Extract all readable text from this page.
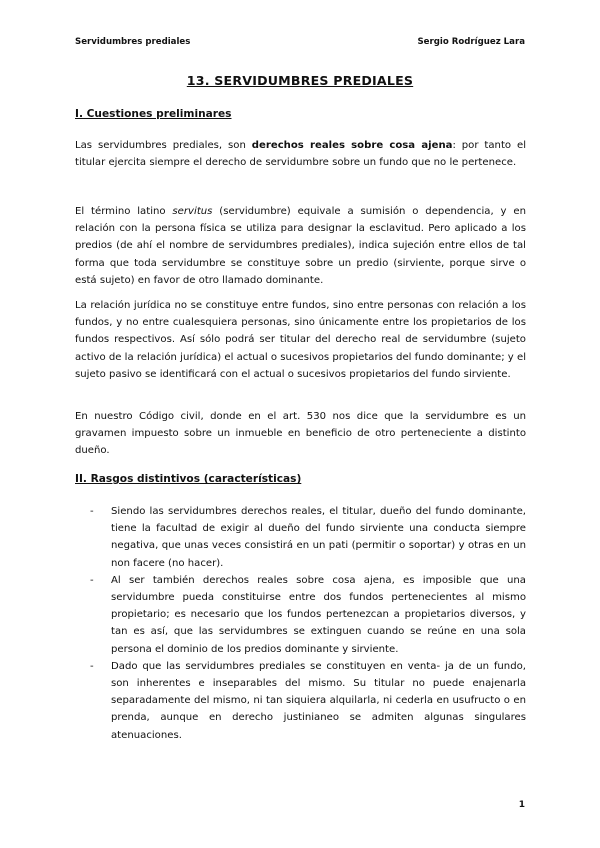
Servidumbres prediales	Sergio Rodríguez Lara
13. SERVIDUMBRES PREDIALES
I. Cuestiones preliminares

Las servidumbres prediales, son derechos reales sobre cosa ajena: por tanto el titular ejercita siempre el derecho de servidumbre sobre un fundo que no le pertenece.

El término latino servitus (servidumbre) equivale a sumisión o dependencia, y en relación con la persona física se utiliza para designar la esclavitud. Pero aplicado a los predios (de ahí el nombre de servidumbres prediales), indica sujeción entre ellos de tal forma que toda servidumbre se constituye sobre un predio (sirviente, porque sirve o está sujeto) en favor de otro llamado dominante.

La relación jurídica no se constituye entre fundos, sino entre personas con relación a los fundos, y no entre cualesquiera personas, sino únicamente entre los propietarios de los fundos respectivos. Así sólo podrá ser titular del derecho real de servidumbre (sujeto activo de la relación jurídica) el actual o sucesivos propietarios del fundo dominante; y el sujeto pasivo se identificará con el actual o sucesivos propietarios del fundo sirviente.

En nuestro Código civil, donde en el art. 530 nos dice que la servidumbre es un gravamen impuesto sobre un inmueble en beneficio de otro perteneciente a distinto dueño.

II. Rasgos distintivos (características)
- Siendo las servidumbres derechos reales, el titular, dueño del fundo dominante, tiene la facultad de exigir al dueño del fundo sirviente una conducta siempre negativa, que unas veces consistirá en un pati (permitir o soportar) y otras en un non facere (no hacer).
- Al ser también derechos reales sobre cosa ajena, es imposible que una servidumbre pueda constituirse entre dos fundos pertenecientes al mismo propietario; es necesario que los fundos pertenezcan a propietarios diversos, y tan es así, que las servidumbres se extinguen cuando se reúne en una sola persona el dominio de los predios dominante y sirviente.
- Dado que las servidumbres prediales se constituyen en venta- ja de un fundo, son inherentes e inseparables del mismo. Su titular no puede enajenarla separadamente del mismo, ni tan siquiera alquilarla, ni cederla en usufructo o en prenda, aunque en derecho justinianeo se admiten algunas singulares atenuaciones.
1
